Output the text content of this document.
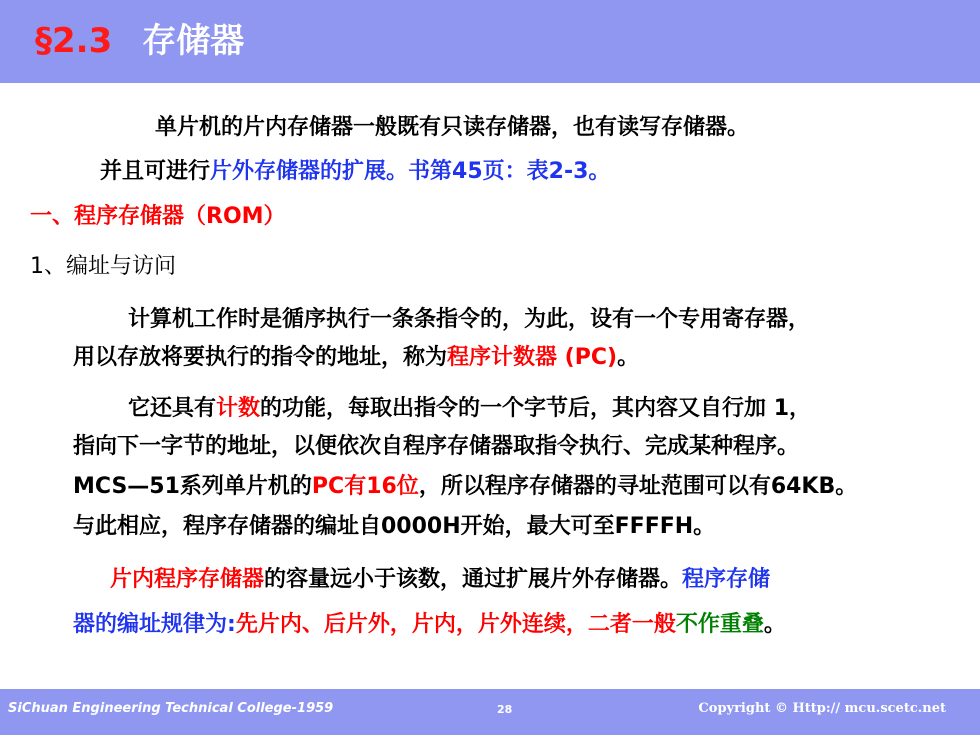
§2.3 存储器
单片机的片内存储器一般既有只读存储器，也有读写存储器。
并且可进行片外存储器的扩展。书第45页：表2-3。
一、程序存储器（ROM）
1、编址与访问
计算机工作时是循序执行一条条指令的，为此，设有一个专用寄存器，
用以存放将要执行的指令的地址，称为程序计数器 (PC)。
它还具有计数的功能，每取出指令的一个字节后，其内容又自行加 1，
指向下一字节的地址，以便依次自程序存储器取指令执行、完成某种程序。
MCS—51系列单片机的PC有16位，所以程序存储器的寻址范围可以有64KB。
与此相应，程序存储器的编址自0000H开始，最大可至FFFFH。
片内程序存储器的容量远小于该数，通过扩展片外存储器。程序存储
器的编址规律为:先片内、后片外，片内，片外连续，二者一般不作重叠。
SiChuan Engineering Technical College-1959	28	Copyright © Http:// mcu.scetc.net
